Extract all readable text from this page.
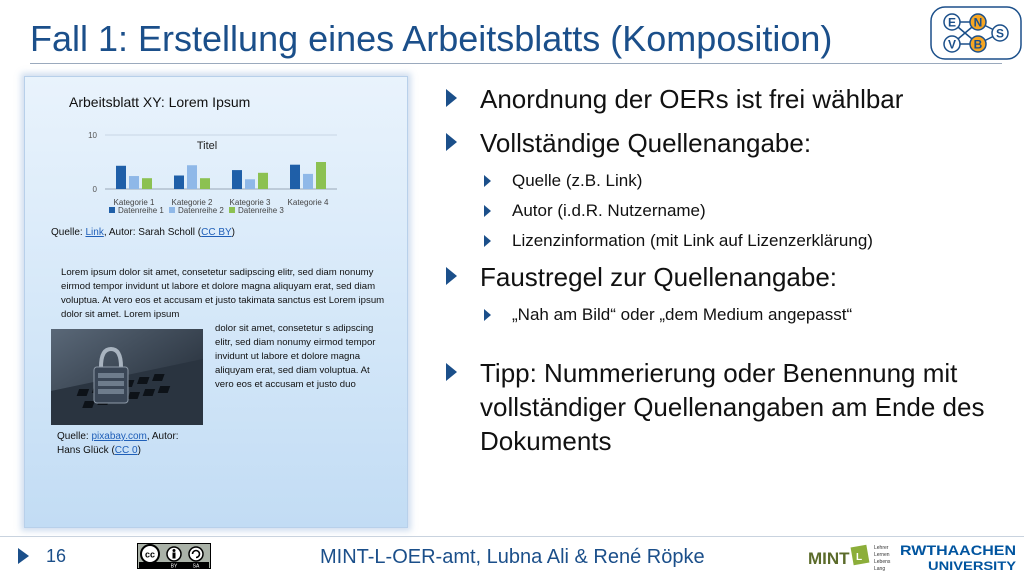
Fall 1: Erstellung eines Arbeitsblatts (Komposition)	E N
V B
S
Arbeitsblatt XY: Lorem Ipsum
10
0
Titel
Kategorie 1 Kategorie 2 Kategorie 3 Kategorie 4
Datenreihe 1 Datenreihe 2 Datenreihe 3
Quelle: Link, Autor: Sarah Scholl (CC BY)
Lorem ipsum dolor sit amet, consetetur sadipscing elitr, sed diam nonumy eirmod tempor invidunt ut labore et dolore magna aliquyam erat, sed diam voluptua. At vero eos et accusam et justo takimata sanctus est Lorem ipsum dolor sit amet. Lorem ipsum
dolor sit amet, consetetur s adipscing elitr, sed diam nonumy eirmod tempor invidunt ut labore et dolore magna aliquyam erat, sed diam voluptua. At vero eos et accusam et justo duo
Quelle: pixabay.com, Autor:
Hans Glück (CC 0)
Anordnung der OERs ist frei wählbar
Vollständige Quellenangabe:
Quelle (z.B. Link)
Autor (i.d.R. Nutzername)
Lizenzinformation (mit Link auf Lizenzerklärung)
Faustregel zur Quellenangabe:
„Nah am Bild“ oder „dem Medium angepasst“
Tipp: Nummerierung oder Benennung mit vollständiger Quellenangaben am Ende des Dokuments
16	cc
BY	SA	MINT-L-OER-amt, Lubna Ali & René Röpke	MINT L
Lehrer
Lernen
Lebens
Lang
RWTHAACHEN
UNIVERSITY
